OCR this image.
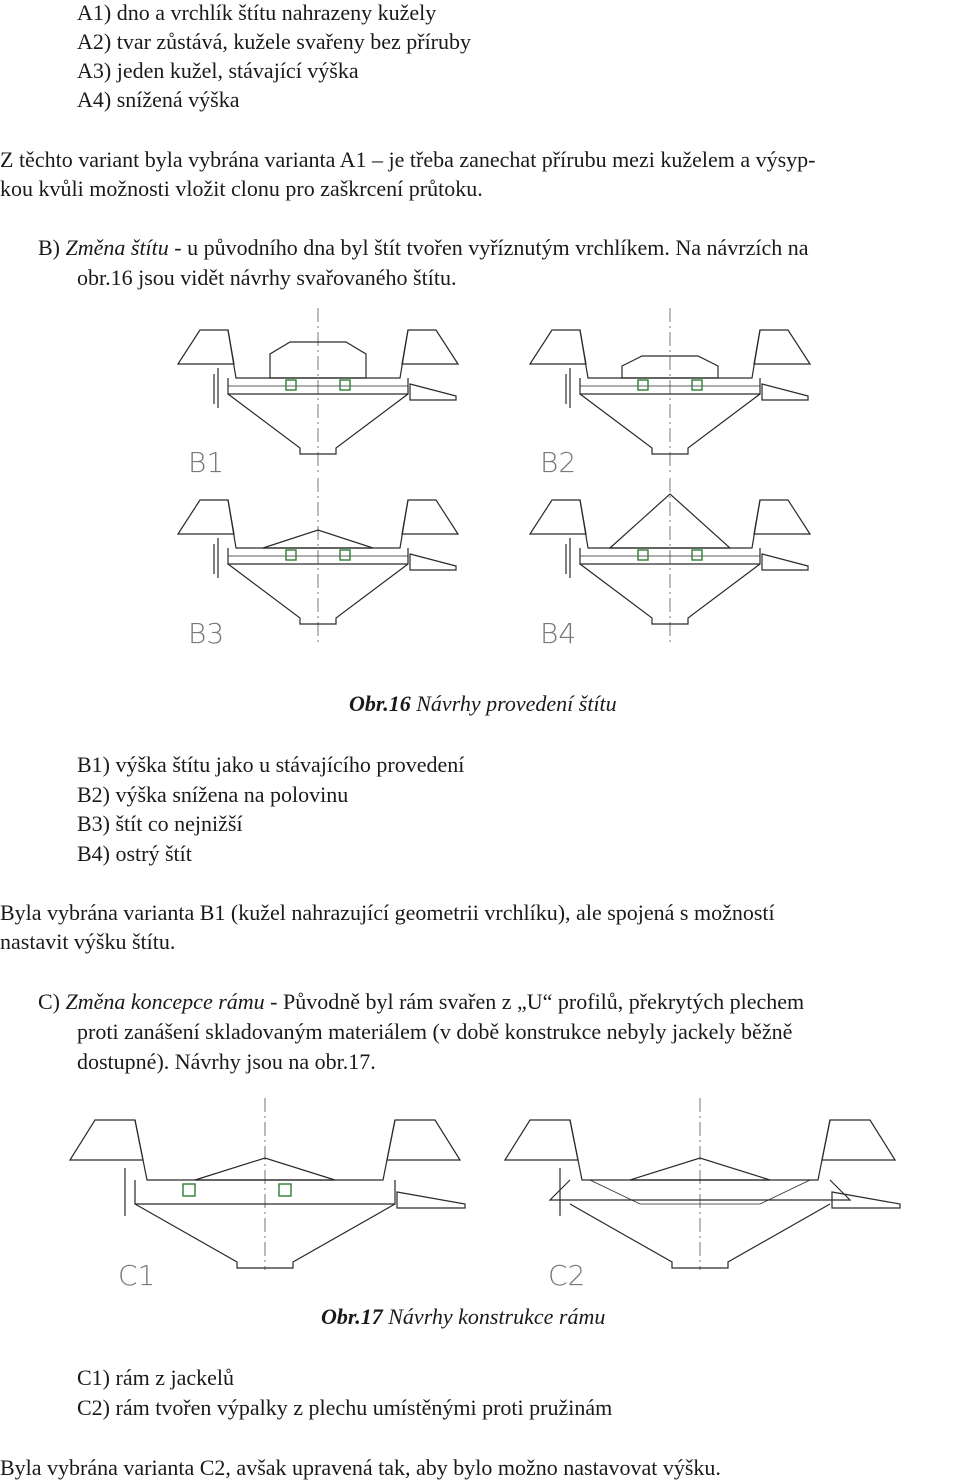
A1) dno a vrchlík štítu nahrazeny kužely
A2) tvar zůstává, kužele svařeny bez příruby
A3) jeden kužel, stávající výška
A4) snížená výška
Z těchto variant byla vybrána varianta A1 – je třeba zanechat přírubu mezi kuželem a výsyp-
kou kvůli možnosti vložit clonu pro zaškrcení průtoku.
B) Změna štítu - u původního dna byl štít tvořen vyříznutým vrchlíkem. Na návrzích na
obr.16 jsou vidět návrhy svařovaného štítu.
B1	B2
B3	B4
Obr.16 Návrhy provedení štítu
B1) výška štítu jako u stávajícího provedení
B2) výška snížena na polovinu
B3) štít co nejnižší
B4) ostrý štít
Byla vybrána varianta B1 (kužel nahrazující geometrii vrchlíku), ale spojená s možností
nastavit výšku štítu.
C) Změna koncepce rámu - Původně byl rám svařen z „U“ profilů, překrytých plechem
proti zanášení skladovaným materiálem (v době konstrukce nebyly jackely běžně
dostupné). Návrhy jsou na obr.17.
C1	C2
Obr.17 Návrhy konstrukce rámu
C1) rám z jackelů
C2) rám tvořen výpalky z plechu umístěnými proti pružinám
Byla vybrána varianta C2, avšak upravená tak, aby bylo možno nastavovat výšku.
